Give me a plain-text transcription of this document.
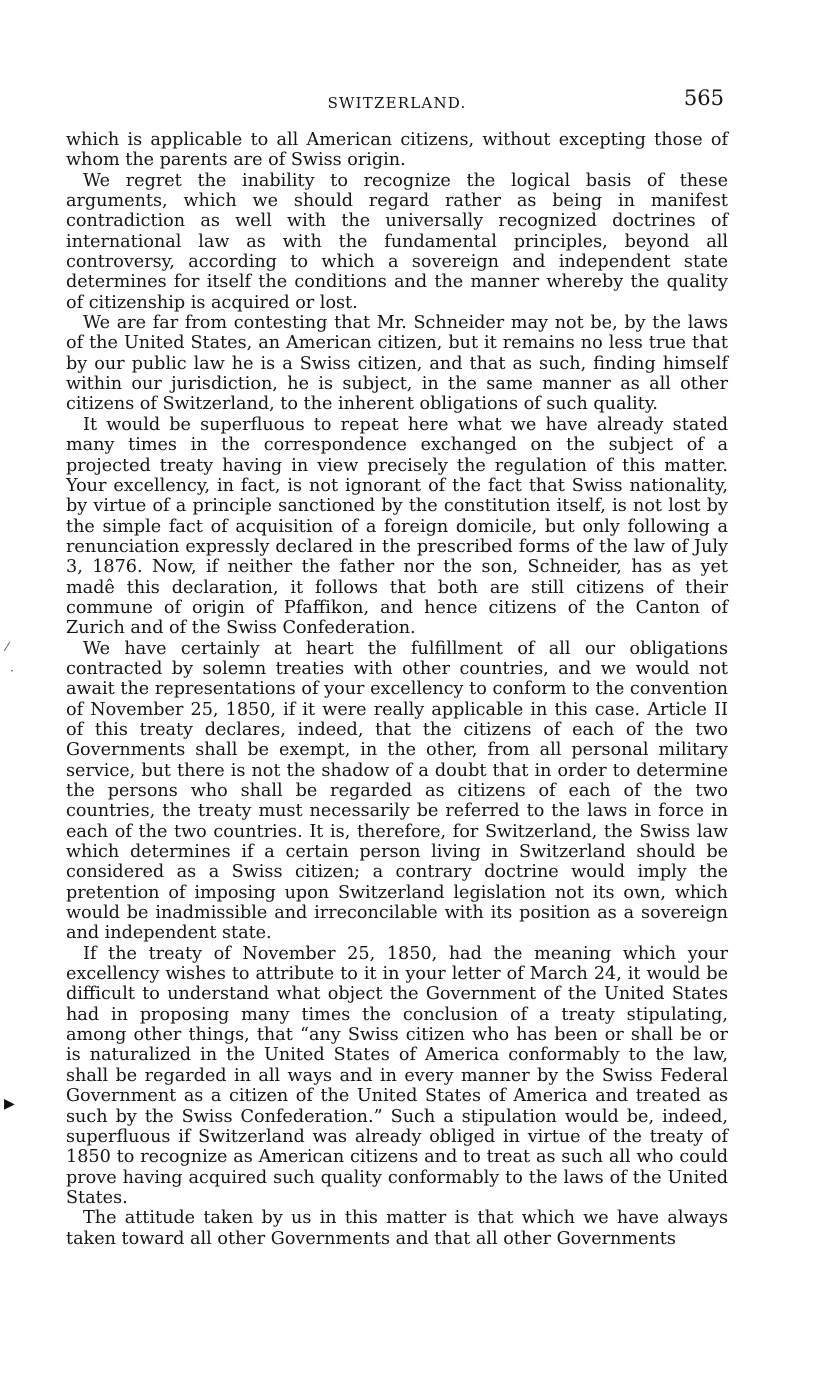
SWITZERLAND.	565

which is applicable to all American citizens, without excepting those of whom the parents are of Swiss origin.

We regret the inability to recognize the logical basis of these arguments, which we should regard rather as being in manifest contradiction as well with the universally recognized doctrines of international law as with the fundamental principles, beyond all controversy, according to which a sovereign and independent state determines for itself the conditions and the manner whereby the quality of citizenship is acquired or lost.

We are far from contesting that Mr. Schneider may not be, by the laws of the United States, an American citizen, but it remains no less true that by our public law he is a Swiss citizen, and that as such, finding himself within our jurisdiction, he is subject, in the same manner as all other citizens of Switzerland, to the inherent obligations of such quality.

It would be superfluous to repeat here what we have already stated many times in the correspondence exchanged on the subject of a projected treaty having in view precisely the regulation of this matter. Your excellency, in fact, is not ignorant of the fact that Swiss nationality, by virtue of a principle sanctioned by the constitution itself, is not lost by the simple fact of acquisition of a foreign domicile, but only following a renunciation expressly declared in the prescribed forms of the law of July 3, 1876. Now, if neither the father nor the son, Schneider, has as yet madê this declaration, it follows that both are still citizens of their commune of origin of Pfaffikon, and hence citizens of the Canton of Zurich and of the Swiss Confederation.

We have certainly at heart the fulfillment of all our obligations contracted by solemn treaties with other countries, and we would not await the representations of your excellency to conform to the convention of November 25, 1850, if it were really applicable in this case. Article II of this treaty declares, indeed, that the citizens of each of the two Governments shall be exempt, in the other, from all personal military service, but there is not the shadow of a doubt that in order to determine the persons who shall be regarded as citizens of each of the two countries, the treaty must necessarily be referred to the laws in force in each of the two countries. It is, therefore, for Switzerland, the Swiss law which determines if a certain person living in Switzerland should be considered as a Swiss citizen; a contrary doctrine would imply the pretention of imposing upon Switzerland legislation not its own, which would be inadmissible and irreconcilable with its position as a sovereign and independent state.

If the treaty of November 25, 1850, had the meaning which your excellency wishes to attribute to it in your letter of March 24, it would be difficult to understand what object the Government of the United States had in proposing many times the conclusion of a treaty stipulating, among other things, that “any Swiss citizen who has been or shall be or is naturalized in the United States of America conformably to the law, shall be regarded in all ways and in every manner by the Swiss Federal Government as a citizen of the United States of America and treated as such by the Swiss Confederation.” Such a stipulation would be, indeed, superfluous if Switzerland was already obliged in virtue of the treaty of 1850 to recognize as American citizens and to treat as such all who could prove having acquired such quality conformably to the laws of the United States.

The attitude taken by us in this matter is that which we have always taken toward all other Governments and that all other Governments

⁄
·
▶
